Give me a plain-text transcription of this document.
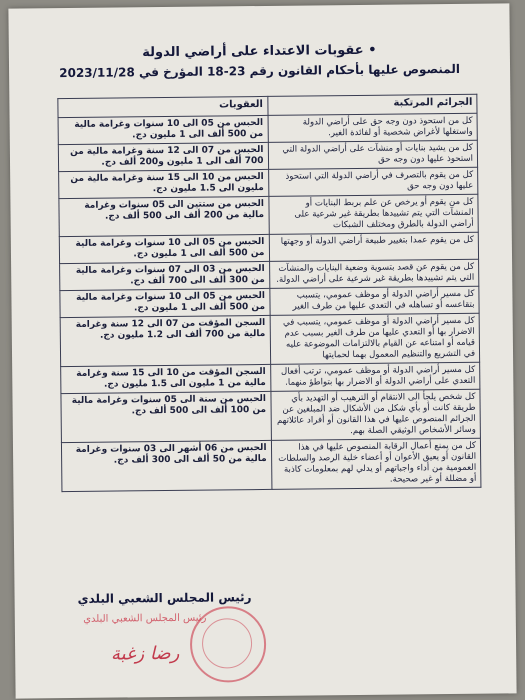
• عقوبات الاعتداء على أراضي الدولة
المنصوص عليها بأحكام القانون رقم 23-18 المؤرخ في 2023/11/28
الجرائم المرتكبة	العقوبات
كل من استحوذ دون وجه حق على أراضي الدولة واستغلها لأغراض شخصية أو لفائدة الغير.	الحبس من 05 الى 10 سنوات وغرامة مالية من 500 ألف الى 1 مليون دج.
كل من يشيد بنايات أو منشآت على أراضي الدولة التي استحوذ عليها دون وجه حق	الحبس من 07 الى 12 سنة وغرامة مالية من 700 ألف الى 1 مليون و200 ألف دج.
كل من يقوم بالتصرف في أراضي الدولة التي استحوذ عليها دون وجه حق	الحبس من 10 الى 15 سنة وغرامة مالية من مليون الى 1.5 مليون دج.
كل من يقوم أو يرخص عن علم بربط البنايات أو المنشآت التي يتم تشييدها بطريقة غير شرعية على أراضي الدولة بالطرق ومختلف الشبكات	الحبس من ستتين الى 05 سنوات وغرامة مالية من 200 ألف الى 500 ألف دج.
كل من يقوم عمدا بتغيير طبيعة أراضي الدولة أو وجهتها	الحبس من 05 الى 10 سنوات وغرامة مالية من 500 ألف الى 1 مليون دج.
كل من يقوم عن قصد بتسوية وضعية البنايات والمنشآت التي يتم تشييدها بطريقة غير شرعية على أراضي الدولة.	الحبس من 03 الى 07 سنوات وغرامة مالية من 300 ألف الى 700 ألف دج.
كل مسير أراضي الدولة أو موظف عمومي، يتسبب بتقاعسه أو تساهله في التعدي عليها من طرف الغير	الحبس من 05 الى 10 سنوات وغرامة مالية من 500 ألف الى 1 مليون دج.
كل مسير أراضي الدولة أو موظف عمومي، يتسبب في الاضرار بها أو التعدي عليها من طرف الغير بسبب عدم قيامه أو امتناعه عن القيام بالالتزامات الموضوعة عليه في التشريع والتنظيم المعمول بهما لحمايتها	السجن المؤقت من 07 الى 12 سنة وغرامة مالية من 700 ألف الى 1.2 مليون دج.
كل مسير أراضي الدولة أو موظف عمومي، ترتب أفعال التعدي على أراضي الدولة أو الاضرار بها بتواطؤ منهما.	السجن المؤقت من 10 الى 15 سنة وغرامة مالية من 1 مليون الى 1.5 مليون دج.
كل شخص يلجأ الى الانتقام أو الترهيب أو التهديد بأي طريقة كانت أو بأي شكل من الأشكال ضد المبلغين عن الجرائم المنصوص عليها في هذا القانون أو أفراد عائلاتهم وسائر الأشخاص الوثيقي الصلة بهم.	الحبس من سنة الى 05 سنوات وغرامة مالية من 100 ألف الى 500 ألف دج.
كل من يمنع أعمال الرقابة المنصوص عليها في هذا القانون أو يعيق الأعوان أو أعضاء خلية الرصد والسلطات العمومية من أداء واجباتهم أو يدلي لهم بمعلومات كاذبة أو مضللة أو غير صحيحة.	الحبس من 06 أشهر الى 03 سنوات وغرامة مالية من 50 ألف الى 300 ألف دج.
رئيس المجلس الشعبي البلدي
رئيس المجلس الشعبي البلدي
رضا زغبة
